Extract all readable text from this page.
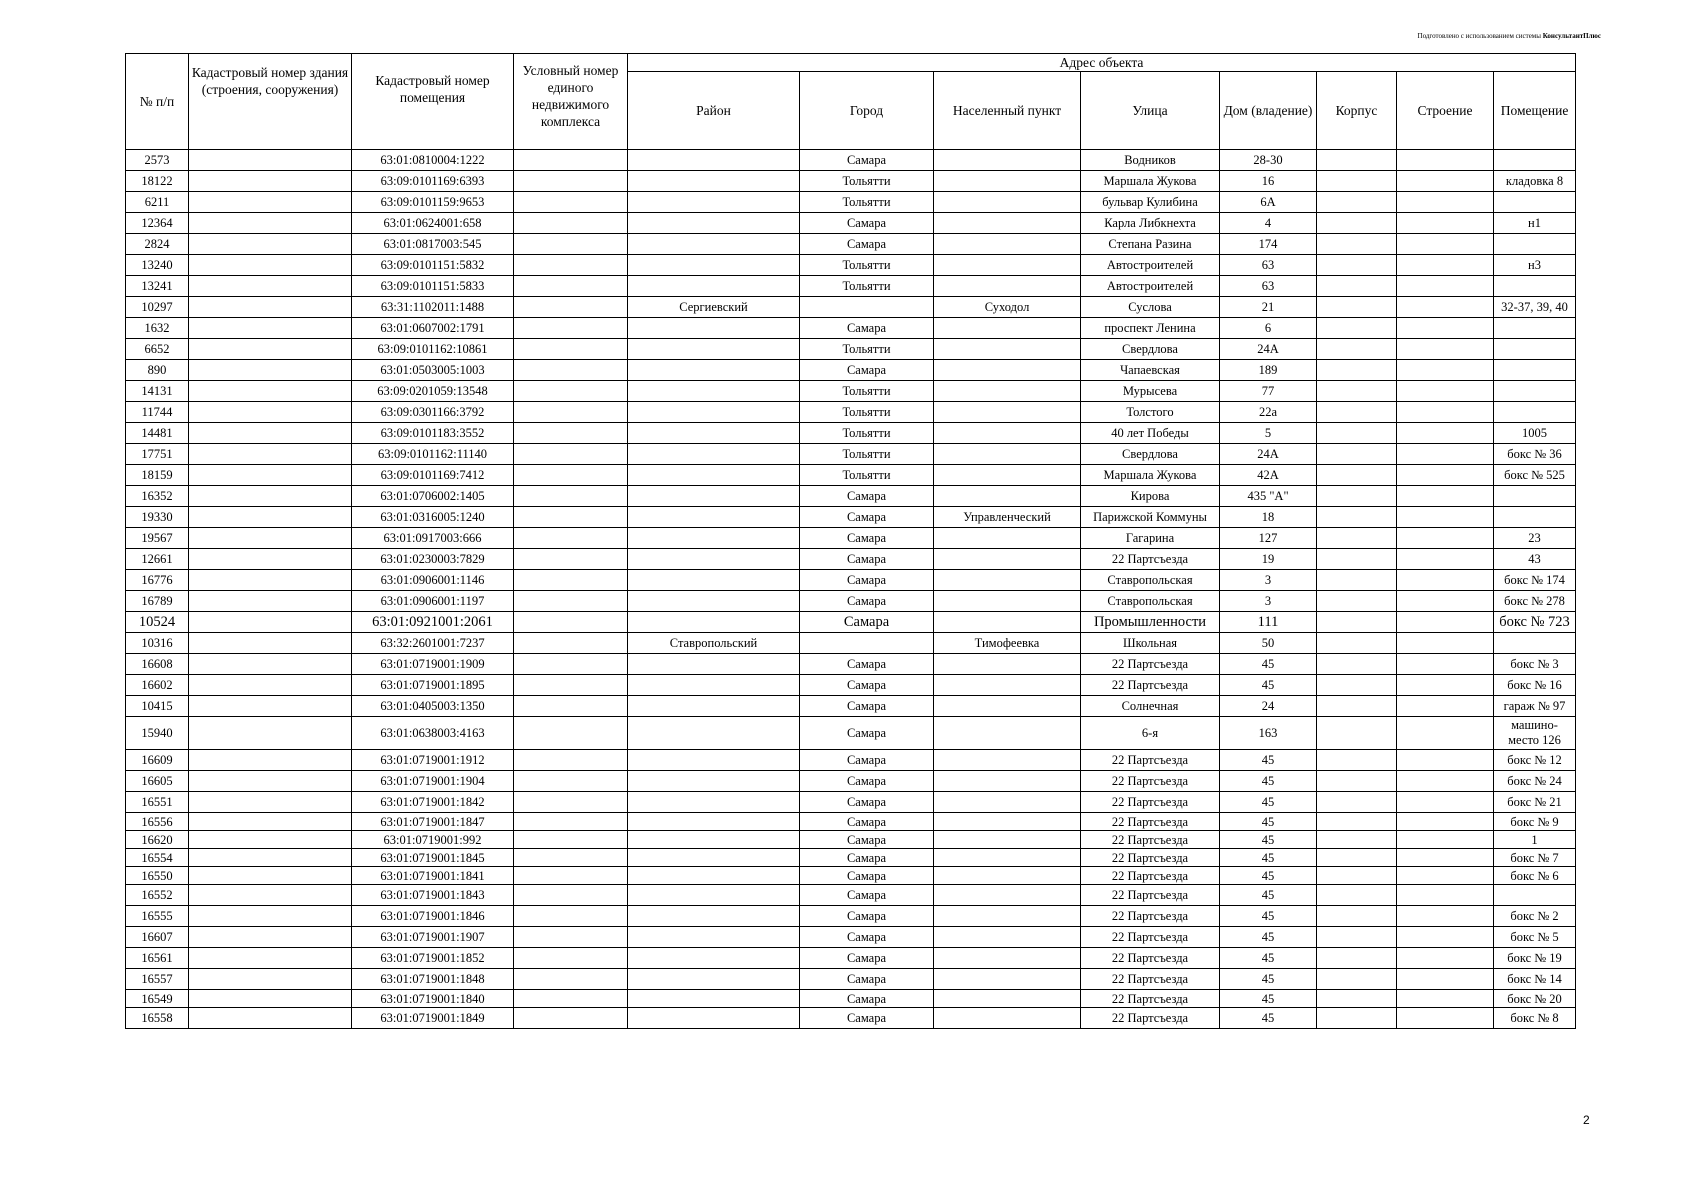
Подготовлено с использованием системы КонсультантПлюс
№ п/п	Кадастровый номер здания (строения, сооружения)	Кадастровый номер помещения	Условный номер единого недвижимого комплекса	Адрес объекта							
				Район	Город	Населенный пункт	Улица	Дом (владение)	Корпус	Строение	Помещение
2573		63:01:0810004:1222			Самара		Водников	28-30			
18122		63:09:0101169:6393			Тольятти		Маршала Жукова	16			кладовка 8
6211		63:09:0101159:9653			Тольятти		бульвар Кулибина	6А			
12364		63:01:0624001:658			Самара		Карла Либкнехта	4			н1
2824		63:01:0817003:545			Самара		Степана Разина	174			
13240		63:09:0101151:5832			Тольятти		Автостроителей	63			н3
13241		63:09:0101151:5833			Тольятти		Автостроителей	63			
10297		63:31:1102011:1488		Сергиевский		Суходол	Суслова	21			32-37, 39, 40
1632		63:01:0607002:1791			Самара		проспект Ленина	6			
6652		63:09:0101162:10861			Тольятти		Свердлова	24А			
890		63:01:0503005:1003			Самара		Чапаевская	189			
14131		63:09:0201059:13548			Тольятти		Мурысева	77			
11744		63:09:0301166:3792			Тольятти		Толстого	22а			
14481		63:09:0101183:3552			Тольятти		40 лет Победы	5			1005
17751		63:09:0101162:11140			Тольятти		Свердлова	24А			бокс № 36
18159		63:09:0101169:7412			Тольятти		Маршала Жукова	42А			бокс № 525
16352		63:01:0706002:1405			Самара		Кирова	435 "А"			
19330		63:01:0316005:1240			Самара	Управленческий	Парижской Коммуны	18			
19567		63:01:0917003:666			Самара		Гагарина	127			23
12661		63:01:0230003:7829			Самара		22 Партсъезда	19			43
16776		63:01:0906001:1146			Самара		Ставропольская	3			бокс № 174
16789		63:01:0906001:1197			Самара		Ставропольская	3			бокс № 278
10524		63:01:0921001:2061			Самара		Промышленности	111			бокс № 723
10316		63:32:2601001:7237		Ставропольский		Тимофеевка	Школьная	50			
16608		63:01:0719001:1909			Самара		22 Партсъезда	45			бокс № 3
16602		63:01:0719001:1895			Самара		22 Партсъезда	45			бокс № 16
10415		63:01:0405003:1350			Самара		Солнечная	24			гараж № 97
15940		63:01:0638003:4163			Самара		6-я	163			машино-место 126
16609		63:01:0719001:1912			Самара		22 Партсъезда	45			бокс № 12
16605		63:01:0719001:1904			Самара		22 Партсъезда	45			бокс № 24
16551		63:01:0719001:1842			Самара		22 Партсъезда	45			бокс № 21
16556		63:01:0719001:1847			Самара		22 Партсъезда	45			бокс № 9
16620		63:01:0719001:992			Самара		22 Партсъезда	45			1
16554		63:01:0719001:1845			Самара		22 Партсъезда	45			бокс № 7
16550		63:01:0719001:1841			Самара		22 Партсъезда	45			бокс № 6
16552		63:01:0719001:1843			Самара		22 Партсъезда	45			
16555		63:01:0719001:1846			Самара		22 Партсъезда	45			бокс № 2
16607		63:01:0719001:1907			Самара		22 Партсъезда	45			бокс № 5
16561		63:01:0719001:1852			Самара		22 Партсъезда	45			бокс № 19
16557		63:01:0719001:1848			Самара		22 Партсъезда	45			бокс № 14
16549		63:01:0719001:1840			Самара		22 Партсъезда	45			бокс № 20
16558		63:01:0719001:1849			Самара		22 Партсъезда	45			бокс № 8
2
